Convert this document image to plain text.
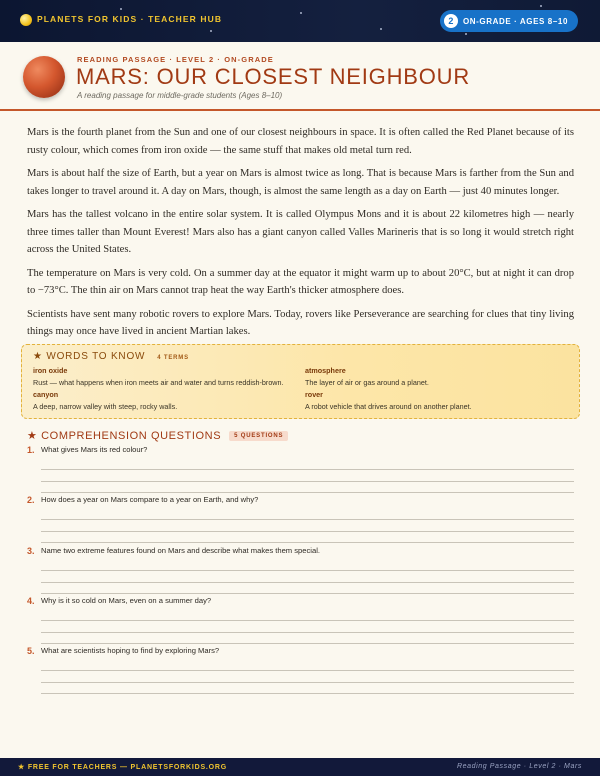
PLANETS FOR KIDS · TEACHER HUB	2	ON-GRADE · AGES 8–10
READING PASSAGE · LEVEL 2 · ON-GRADE
MARS: OUR CLOSEST NEIGHBOUR
A reading passage for middle-grade students (Ages 8–10)

Mars is the fourth planet from the Sun and one of our closest neighbours in space. It is often called the Red Planet because of its rusty colour, which comes from iron oxide — the same stuff that makes old metal turn red.

Mars is about half the size of Earth, but a year on Mars is almost twice as long. That is because Mars is farther from the Sun and takes longer to travel around it. A day on Mars, though, is almost the same length as a day on Earth — just 40 minutes longer.

Mars has the tallest volcano in the entire solar system. It is called Olympus Mons and it is about 22 kilometres high — nearly three times taller than Mount Everest! Mars also has a giant canyon called Valles Marineris that is so long it would stretch right across the United States.

The temperature on Mars is very cold. On a summer day at the equator it might warm up to about 20°C, but at night it can drop to −73°C. The thin air on Mars cannot trap heat the way Earth's thicker atmosphere does.

Scientists have sent many robotic rovers to explore Mars. Today, rovers like Perseverance are searching for clues that tiny living things may once have lived in ancient Martian lakes.

★ WORDS TO KNOW 4 TERMS
iron oxide
Rust — what happens when iron meets air and water and turns reddish-brown.
atmosphere
The layer of air or gas around a planet.
canyon
A deep, narrow valley with steep, rocky walls.
rover
A robot vehicle that drives around on another planet.
★ COMPREHENSION QUESTIONS	5 QUESTIONS
1. What gives Mars its red colour?
2. How does a year on Mars compare to a year on Earth, and why?
3. Name two extreme features found on Mars and describe what makes them special.
4. Why is it so cold on Mars, even on a summer day?
5. What are scientists hoping to find by exploring Mars?
★ FREE FOR TEACHERS — PLANETSFORKIDS.ORG	Reading Passage · Level 2 · Mars
